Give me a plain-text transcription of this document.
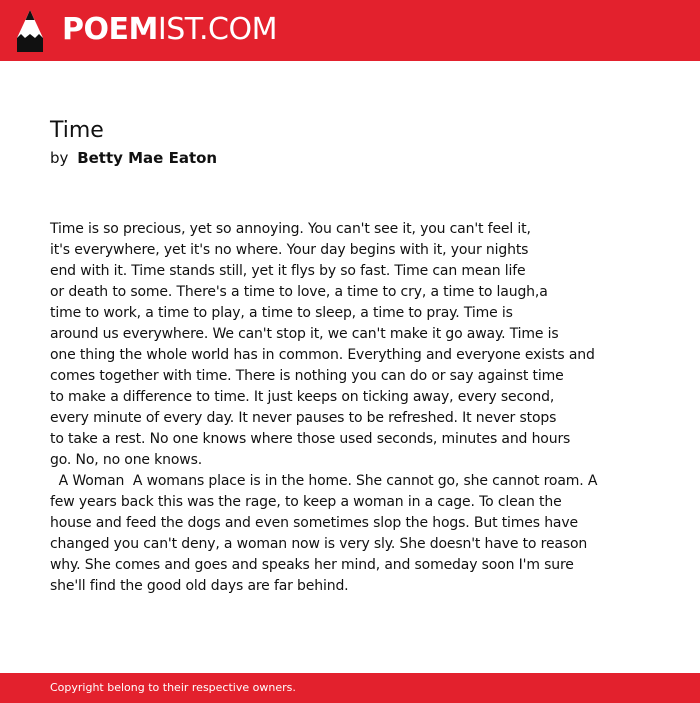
POEMIST.COM
Time
by Betty Mae Eaton
Time is so precious, yet so annoying. You can't see it, you can't feel it,
it's everywhere, yet it's no where. Your day begins with it, your nights
end with it. Time stands still, yet it flys by so fast. Time can mean life
or death to some. There's a time to love, a time to cry, a time to laugh,a
time to work, a time to play, a time to sleep, a time to pray. Time is
around us everywhere. We can't stop it, we can't make it go away. Time is
one thing the whole world has in common. Everything and everyone exists and
comes together with time. There is nothing you can do or say against time
to make a difference to time. It just keeps on ticking away, every second,
every minute of every day. It never pauses to be refreshed. It never stops
to take a rest. No one knows where those used seconds, minutes and hours
go. No, no one knows.
A Woman  A womans place is in the home. She cannot go, she cannot roam. A
few years back this was the rage, to keep a woman in a cage. To clean the
house and feed the dogs and even sometimes slop the hogs. But times have
changed you can't deny, a woman now is very sly. She doesn't have to reason
why. She comes and goes and speaks her mind, and someday soon I'm sure
she'll find the good old days are far behind.
Copyright belong to their respective owners.
